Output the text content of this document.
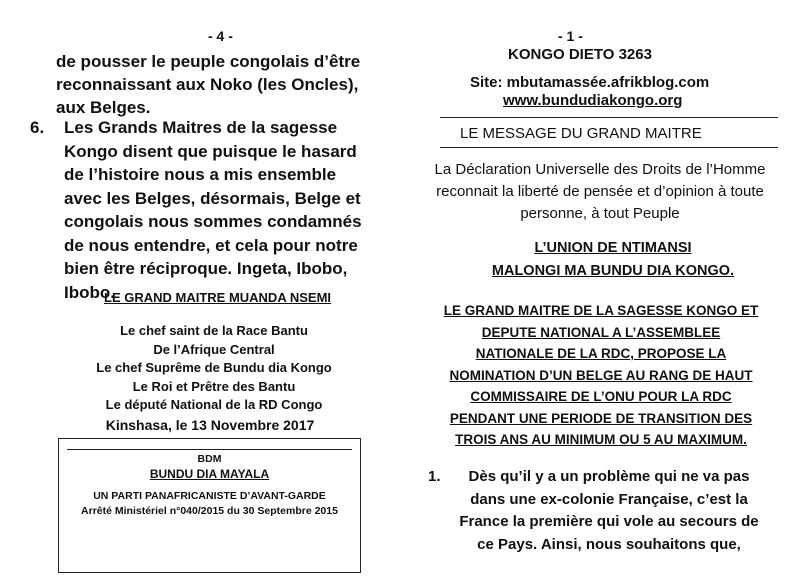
- 4 -

de pousser le peuple congolais d’être reconnaissant aux Noko (les Oncles), aux Belges.

6. Les Grands Maitres de la sagesse Kongo disent que puisque le hasard de l’histoire nous a mis ensemble avec les Belges, désormais, Belge et congolais nous sommes condamnés de nous entendre, et cela pour notre bien être réciproque. Ingeta, Ibobo, Ibobo.
LE GRAND MAITRE MUANDA NSEMI
Le chef saint de la Race Bantu
De l’Afrique Central
Le chef Suprême de Bundu dia Kongo
Le Roi et Prêtre des Bantu
Le député National de la RD Congo
Kinshasa, le 13 Novembre 2017
BDM
BUNDU DIA MAYALA
UN PARTI PANAFRICANISTE D’AVANT-GARDE
Arrêté Ministériel n°040/2015 du 30 Septembre 2015
- 1 -
KONGO DIETO 3263
Site: mbutamassée.afrikblog.com
www.bundudiakongo.org
LE MESSAGE DU GRAND MAITRE
La Déclaration Universelle des Droits de l’Homme reconnait la liberté de pensée et d’opinion à toute personne, à tout Peuple
L’UNION DE NTIMANSI
MALONGI MA BUNDU DIA KONGO.
LE GRAND MAITRE DE LA SAGESSE KONGO ET
DEPUTE NATIONAL A L’ASSEMBLEE
NATIONALE DE LA RDC, PROPOSE LA
NOMINATION D’UN BELGE AU RANG DE HAUT
COMMISSAIRE DE L’ONU POUR LA RDC
PENDANT UNE PERIODE DE TRANSITION DES
TROIS ANS AU MINIMUM OU 5 AU MAXIMUM.
1.	Dès qu’il y a un problème qui ne va pas dans une ex-colonie Française, c’est la France la première qui vole au secours de ce Pays. Ainsi, nous souhaitons que,
